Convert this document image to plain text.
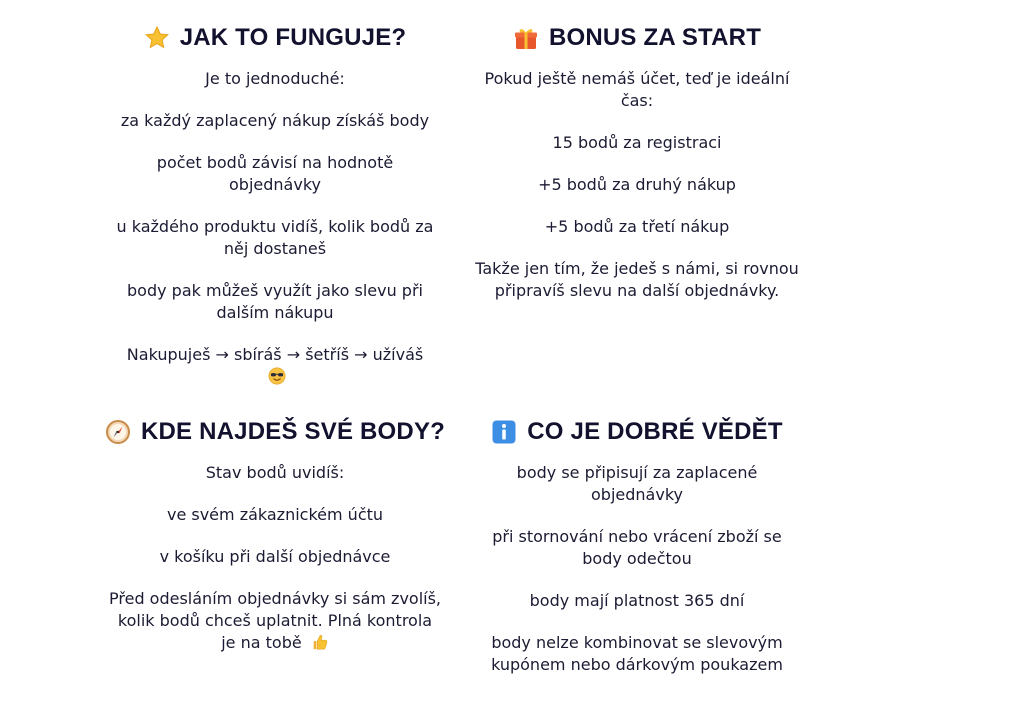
JAK TO FUNGUJE?

Je to jednoduché:

za každý zaplacený nákup získáš body

počet bodů závisí na hodnotě objednávky

u každého produktu vidíš, kolik bodů za něj dostaneš

body pak můžeš využít jako slevu při dalším nákupu

Nakupuješ → sbíráš → šetříš → užíváš

BONUS ZA START

Pokud ještě nemáš účet, teď je ideální čas:

15 bodů za registraci

+5 bodů za druhý nákup

+5 bodů za třetí nákup

Takže jen tím, že jedeš s námi, si rovnou připravíš slevu na další objednávky.

KDE NAJDEŠ SVÉ BODY?

Stav bodů uvidíš:

ve svém zákaznickém účtu

v košíku při další objednávce

Před odesláním objednávky si sám zvolíš, kolik bodů chceš uplatnit. Plná kontrola je na tobě

CO JE DOBRÉ VĚDĚT

body se připisují za zaplacené objednávky

při stornování nebo vrácení zboží se body odečtou

body mají platnost 365 dní

body nelze kombinovat se slevovým kupónem nebo dárkovým poukazem
